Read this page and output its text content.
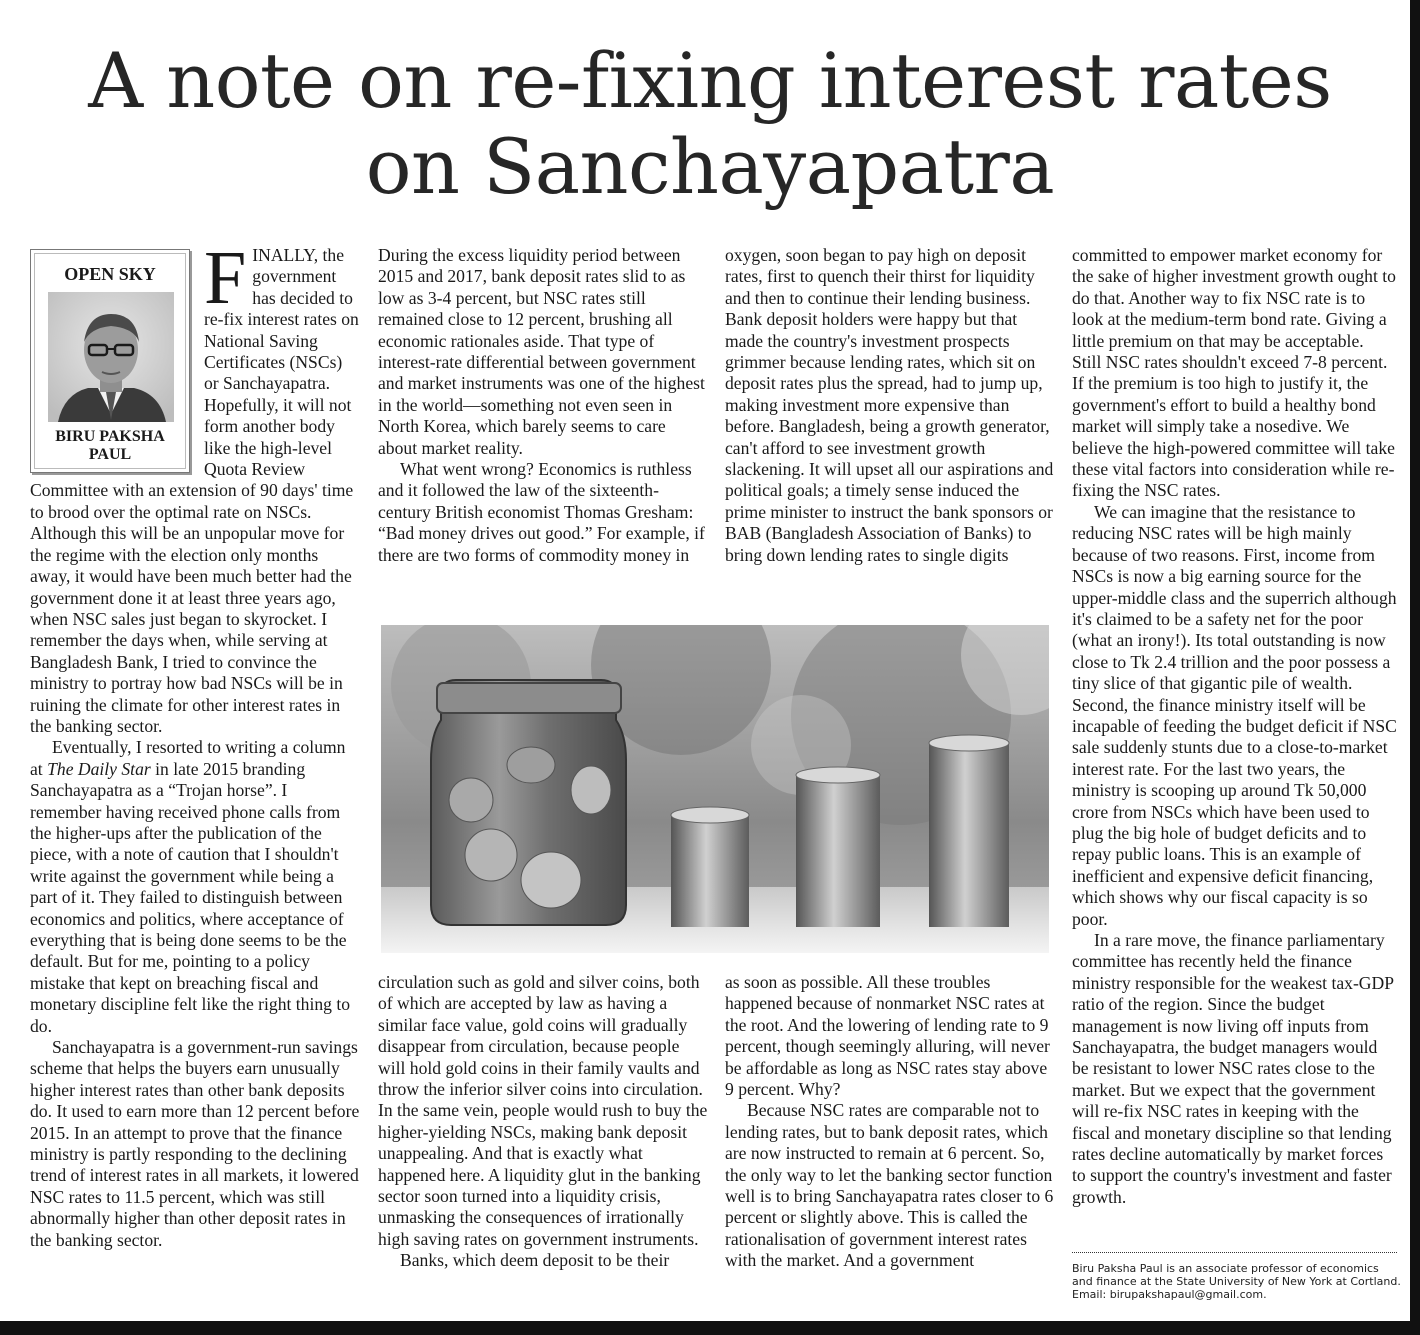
A note on re-fixing interest rates
on Sanchayapatra
OPEN SKY
BIRU PAKSHA
PAUL

FINALLY, the government has decided to re-fix interest rates on National Saving Certificates (NSCs) or Sanchayapatra. Hopefully, it will not form another body like the high-level Quota Review Committee with an extension of 90 days' time to brood over the optimal rate on NSCs. Although this will be an unpopular move for the regime with the election only months away, it would have been much better had the government done it at least three years ago, when NSC sales just began to skyrocket. I remember the days when, while serving at Bangladesh Bank, I tried to convince the ministry to portray how bad NSCs will be in ruining the climate for other interest rates in the banking sector.

Eventually, I resorted to writing a column at The Daily Star in late 2015 branding Sanchayapatra as a “Trojan horse”. I remember having received phone calls from the higher-ups after the publication of the piece, with a note of caution that I shouldn't write against the government while being a part of it. They failed to distinguish between economics and politics, where acceptance of everything that is being done seems to be the default. But for me, pointing to a policy mistake that kept on breaching fiscal and monetary discipline felt like the right thing to do.

Sanchayapatra is a government-run savings scheme that helps the buyers earn unusually higher interest rates than other bank deposits do. It used to earn more than 12 percent before 2015. In an attempt to prove that the finance ministry is partly responding to the declining trend of interest rates in all markets, it lowered NSC rates to 11.5 percent, which was still abnormally higher than other deposit rates in the banking sector.

During the excess liquidity period between 2015 and 2017, bank deposit rates slid to as low as 3-4 percent, but NSC rates still remained close to 12 percent, brushing all economic rationales aside. That type of interest-rate differential between government and market instruments was one of the highest in the world—something not even seen in North Korea, which barely seems to care about market reality.

What went wrong? Economics is ruthless and it followed the law of the sixteenth-century British economist Thomas Gresham: “Bad money drives out good.” For example, if there are two forms of commodity money in

oxygen, soon began to pay high on deposit rates, first to quench their thirst for liquidity and then to continue their lending business. Bank deposit holders were happy but that made the country's investment prospects grimmer because lending rates, which sit on deposit rates plus the spread, had to jump up, making investment more expensive than before. Bangladesh, being a growth generator, can't afford to see investment growth slackening. It will upset all our aspirations and political goals; a timely sense induced the prime minister to instruct the bank sponsors or BAB (Bangladesh Association of Banks) to bring down lending rates to single digits

circulation such as gold and silver coins, both of which are accepted by law as having a similar face value, gold coins will gradually disappear from circulation, because people will hold gold coins in their family vaults and throw the inferior silver coins into circulation. In the same vein, people would rush to buy the higher-yielding NSCs, making bank deposit unappealing. And that is exactly what happened here. A liquidity glut in the banking sector soon turned into a liquidity crisis, unmasking the consequences of irrationally high saving rates on government instruments.

Banks, which deem deposit to be their

as soon as possible. All these troubles happened because of nonmarket NSC rates at the root. And the lowering of lending rate to 9 percent, though seemingly alluring, will never be affordable as long as NSC rates stay above 9 percent. Why?

Because NSC rates are comparable not to lending rates, but to bank deposit rates, which are now instructed to remain at 6 percent. So, the only way to let the banking sector function well is to bring Sanchayapatra rates closer to 6 percent or slightly above. This is called the rationalisation of government interest rates with the market. And a government

committed to empower market economy for the sake of higher investment growth ought to do that. Another way to fix NSC rate is to look at the medium-term bond rate. Giving a little premium on that may be acceptable. Still NSC rates shouldn't exceed 7-8 percent. If the premium is too high to justify it, the government's effort to build a healthy bond market will simply take a nosedive. We believe the high-powered committee will take these vital factors into consideration while re-fixing the NSC rates.

We can imagine that the resistance to reducing NSC rates will be high mainly because of two reasons. First, income from NSCs is now a big earning source for the upper-middle class and the superrich although it's claimed to be a safety net for the poor (what an irony!). Its total outstanding is now close to Tk 2.4 trillion and the poor possess a tiny slice of that gigantic pile of wealth. Second, the finance ministry itself will be incapable of feeding the budget deficit if NSC sale suddenly stunts due to a close-to-market interest rate. For the last two years, the ministry is scooping up around Tk 50,000 crore from NSCs which have been used to plug the big hole of budget deficits and to repay public loans. This is an example of inefficient and expensive deficit financing, which shows why our fiscal capacity is so poor.

In a rare move, the finance parliamentary committee has recently held the finance ministry responsible for the weakest tax-GDP ratio of the region. Since the budget management is now living off inputs from Sanchayapatra, the budget managers would be resistant to lower NSC rates close to the market. But we expect that the government will re-fix NSC rates in keeping with the fiscal and monetary discipline so that lending rates decline automatically by market forces to support the country's investment and faster growth.

Biru Paksha Paul is an associate professor of economics and finance at the State University of New York at Cortland.

Email: birupakshapaul@gmail.com.
